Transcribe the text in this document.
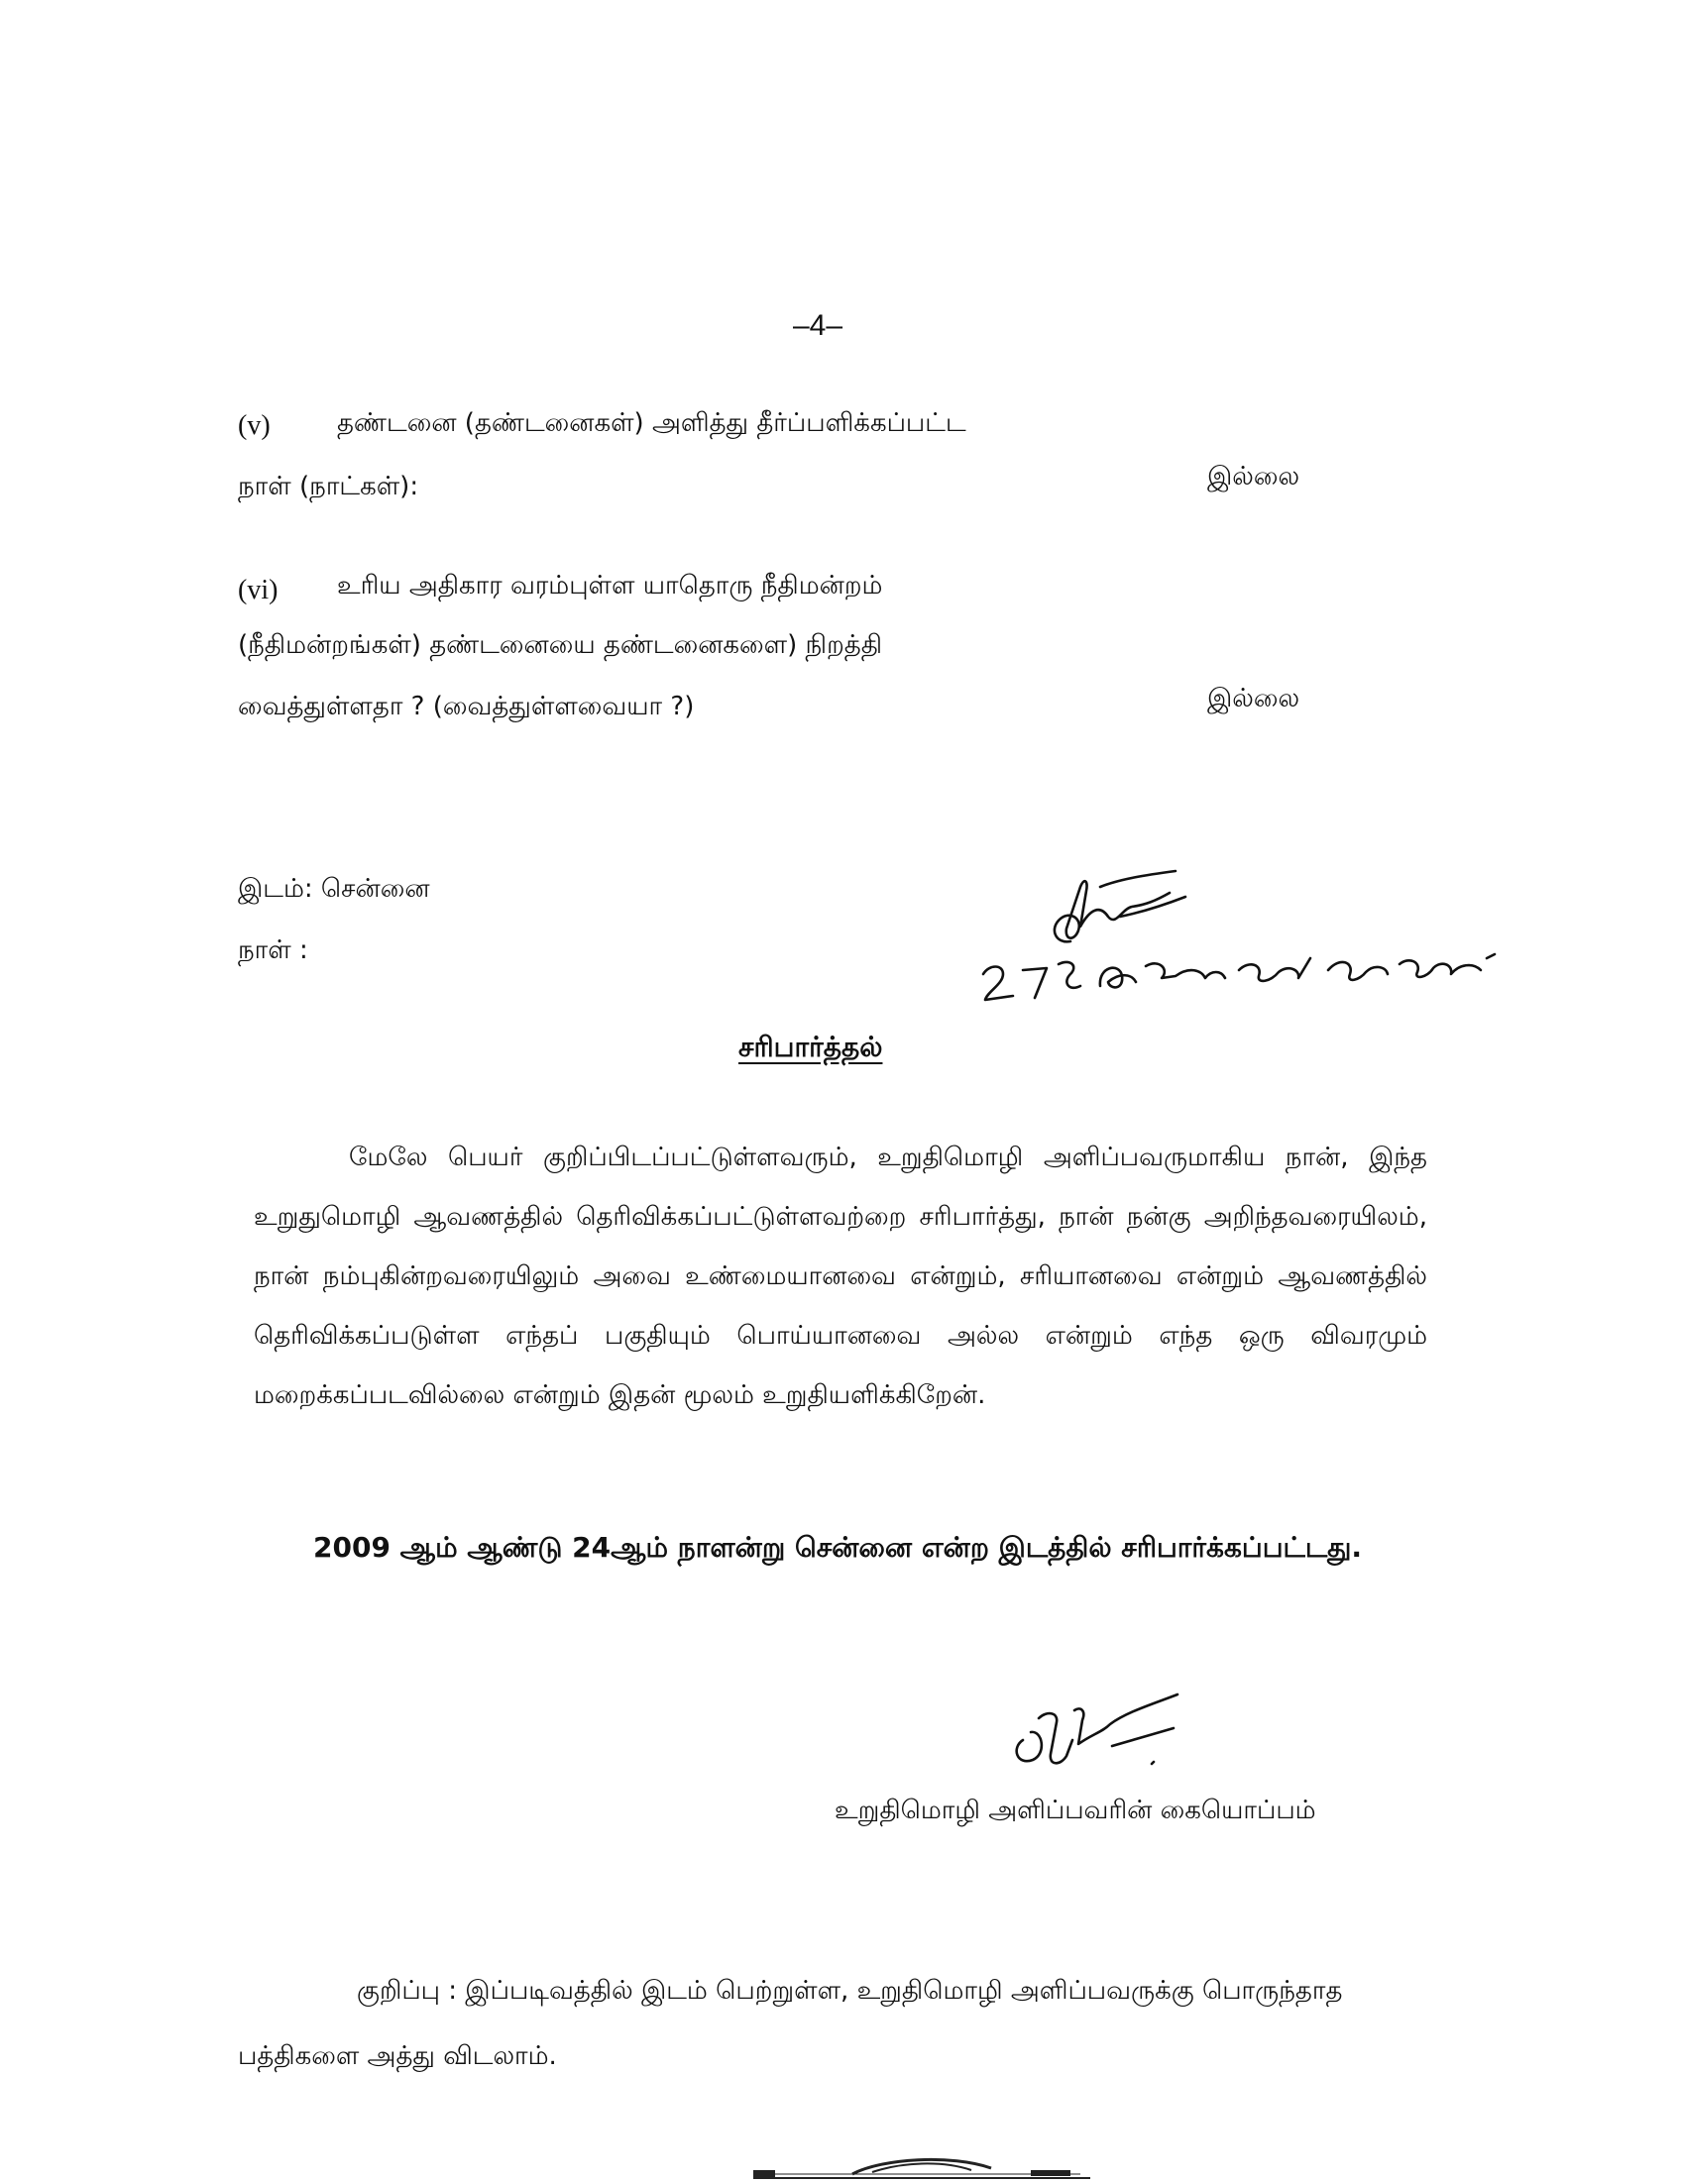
–4–
(v)	தண்டனை (தண்டனைகள்) அளித்து தீர்ப்பளிக்கப்பட்ட
நாள் (நாட்கள்):	இல்லை
(vi) உரிய அதிகார வரம்புள்ள யாதொரு நீதிமன்றம்
(நீதிமன்றங்கள்) தண்டனையை தண்டனைகளை) நிறத்தி
வைத்துள்ளதா ? (வைத்துள்ளவையா ?)	இல்லை
இடம்: சென்னை
நாள் :
சரிபார்த்தல்
மேலே பெயர் குறிப்பிடப்பட்டுள்ளவரும், உறுதிமொழி அளிப்பவருமாகிய நான், இந்த உறுதுமொழி ஆவணத்தில் தெரிவிக்கப்பட்டுள்ளவற்றை சரிபார்த்து, நான் நன்கு அறிந்தவரையிலம், நான் நம்புகின்றவரையிலும் அவை உண்மையானவை என்றும், சரியானவை என்றும் ஆவணத்தில் தெரிவிக்கப்படுள்ள எந்தப் பகுதியும் பொய்யானவை அல்ல என்றும் எந்த ஒரு விவரமும் மறைக்கப்படவில்லை என்றும் இதன் மூலம் உறுதியளிக்கிறேன்.
2009 ஆம் ஆண்டு 24ஆம் நாளன்று சென்னை என்ற இடத்தில் சரிபார்க்கப்பட்டது.
உறுதிமொழி அளிப்பவரின் கையொப்பம்
குறிப்பு : இப்படிவத்தில் இடம் பெற்றுள்ள, உறுதிமொழி அளிப்பவருக்கு பொருந்தாத
பத்திகளை அத்து விடலாம்.
